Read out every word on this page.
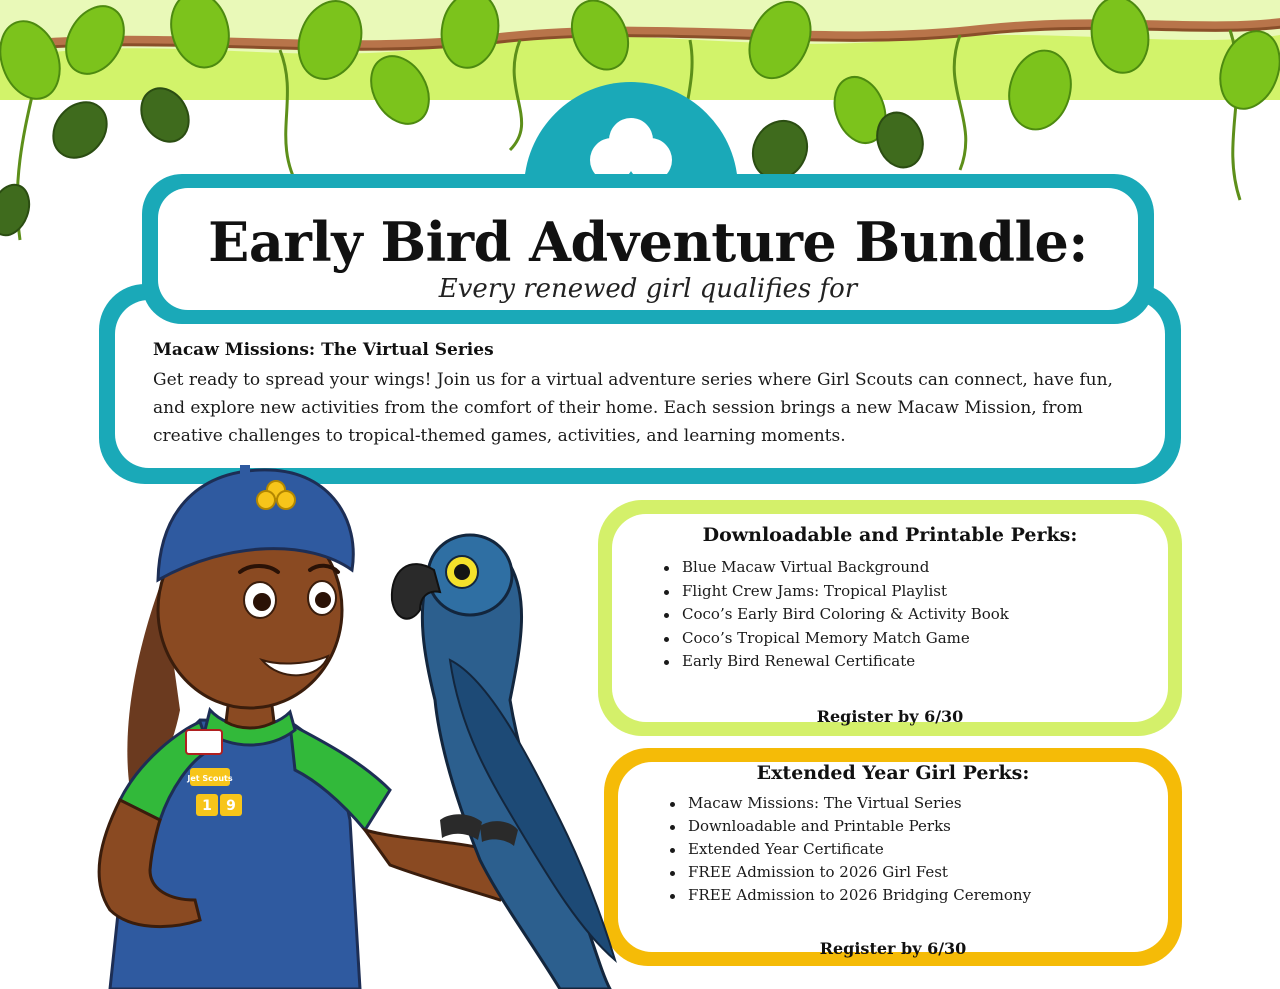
Early Bird Adventure Bundle:
Every renewed girl qualifies for
Macaw Missions: The Virtual Series
Get ready to spread your wings! Join us for a virtual adventure series where Girl Scouts can connect, have fun, and explore new activities from the comfort of their home. Each session brings a new Macaw Mission, from creative challenges to tropical-themed games, activities, and learning moments.
Downloadable and Printable Perks:
Blue Macaw Virtual Background
Flight Crew Jams: Tropical Playlist
Coco’s Early Bird Coloring & Activity Book
Coco’s Tropical Memory Match Game
Early Bird Renewal Certificate
Register by 6/30
Extended Year Girl Perks:
Macaw Missions: The Virtual Series
Downloadable and Printable Perks
Extended Year Certificate
FREE Admission to 2026 Girl Fest
FREE Admission to 2026 Bridging Ceremony
Register by 6/30
Jet Scouts
1 9
